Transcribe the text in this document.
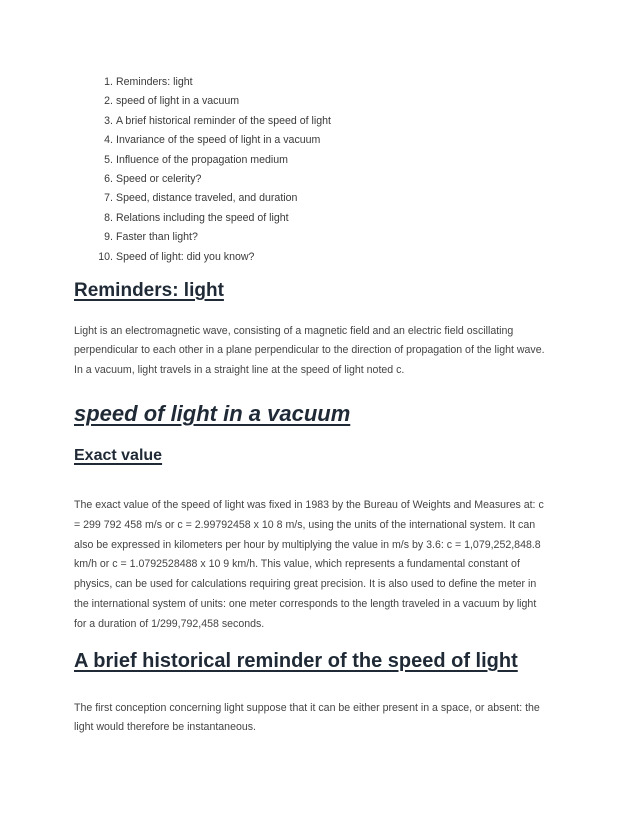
1. Reminders: light
2. speed of light in a vacuum
3. A brief historical reminder of the speed of light
4. Invariance of the speed of light in a vacuum
5. Influence of the propagation medium
6. Speed or celerity?
7. Speed, distance traveled, and duration
8. Relations including the speed of light
9. Faster than light?
10. Speed of light: did you know?
Reminders: light

Light is an electromagnetic wave, consisting of a magnetic field and an electric field oscillating
perpendicular to each other in a plane perpendicular to the direction of propagation of the light wave.
In a vacuum, light travels in a straight line at the speed of light noted c.

speed of light in a vacuum
Exact value

The exact value of the speed of light was fixed in 1983 by the Bureau of Weights and Measures at: c
= 299 792 458 m/s or c = 2.99792458 x 10 8 m/s, using the units of the international system. It can
also be expressed in kilometers per hour by multiplying the value in m/s by 3.6: c = 1,079,252,848.8
km/h or c = 1.0792528488 x 10 9 km/h. This value, which represents a fundamental constant of
physics, can be used for calculations requiring great precision. It is also used to define the meter in
the international system of units: one meter corresponds to the length traveled in a vacuum by light
for a duration of 1/299,792,458 seconds.

A brief historical reminder of the speed of light

The first conception concerning light suppose that it can be either present in a space, or absent: the
light would therefore be instantaneous.
